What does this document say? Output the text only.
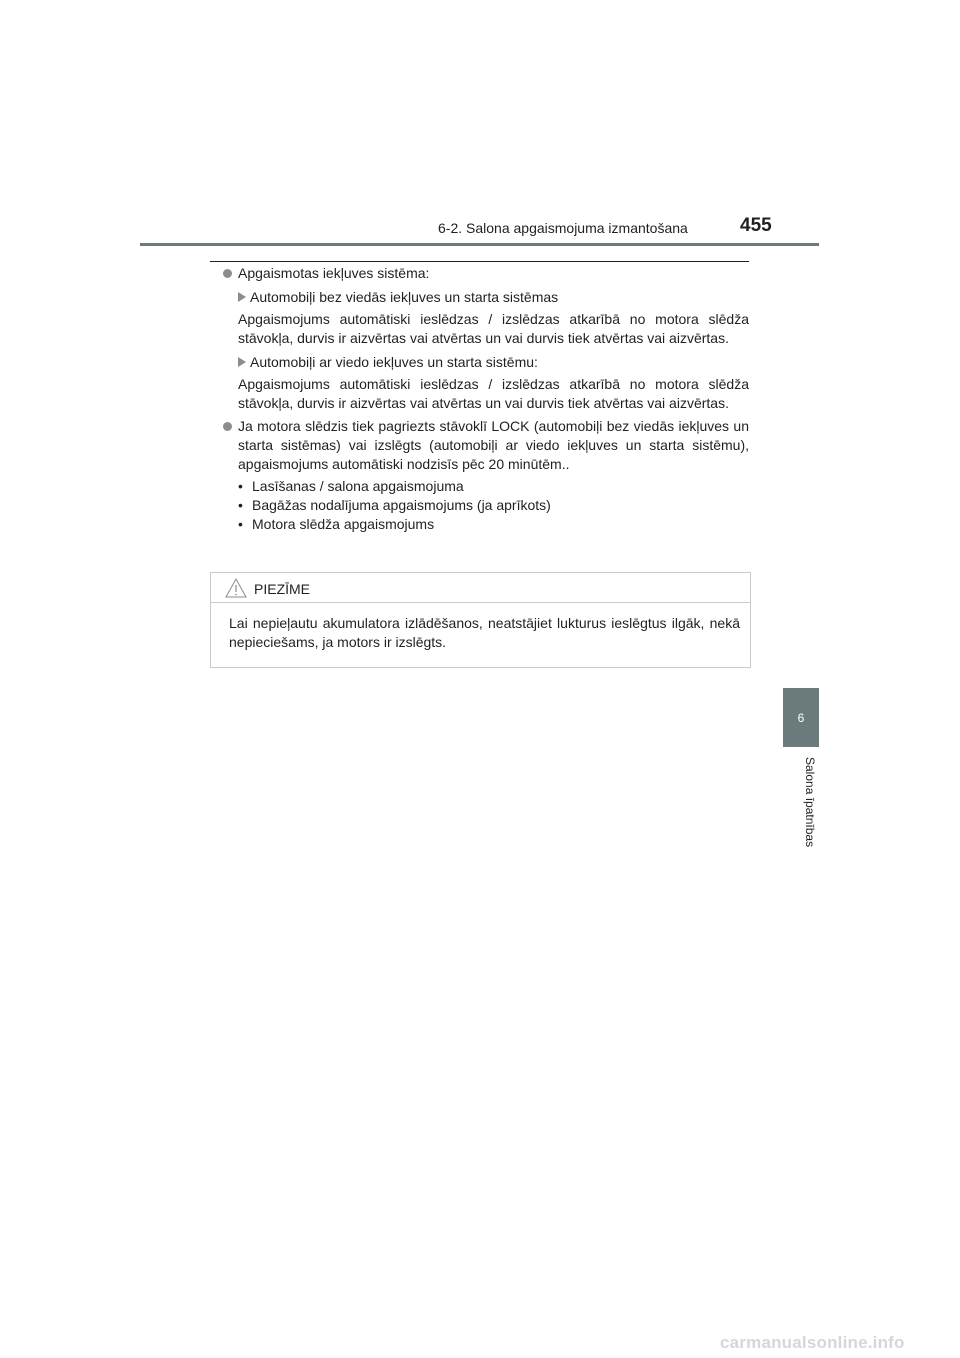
6-2. Salona apgaismojuma izmantošana	455
6
Salona īpatnības
Apgaismotas iekļuves sistēma:
Automobiļi bez viedās iekļuves un starta sistēmas
Apgaismojums automātiski ieslēdzas / izslēdzas atkarībā no motora slēdža stāvokļa, durvis ir aizvērtas vai atvērtas un vai durvis tiek atvērtas vai aizvērtas.
Automobiļi ar viedo iekļuves un starta sistēmu:
Apgaismojums automātiski ieslēdzas / izslēdzas atkarībā no motora slēdža stāvokļa, durvis ir aizvērtas vai atvērtas un vai durvis tiek atvērtas vai aizvērtas.
Ja motora slēdzis tiek pagriezts stāvoklī LOCK (automobiļi bez viedās iekļuves un starta sistēmas) vai izslēgts (automobiļi ar viedo iekļuves un starta sistēmu), apgaismojums automātiski nodzisīs pēc 20 minūtēm..
• Lasīšanas / salona apgaismojuma
• Bagāžas nodalījuma apgaismojums (ja aprīkots)
• Motora slēdža apgaismojums
PIEZĪME
Lai nepieļautu akumulatora izlādēšanos, neatstājiet lukturus ieslēgtus ilgāk, nekā nepieciešams, ja motors ir izslēgts.
carmanualsonline.info
